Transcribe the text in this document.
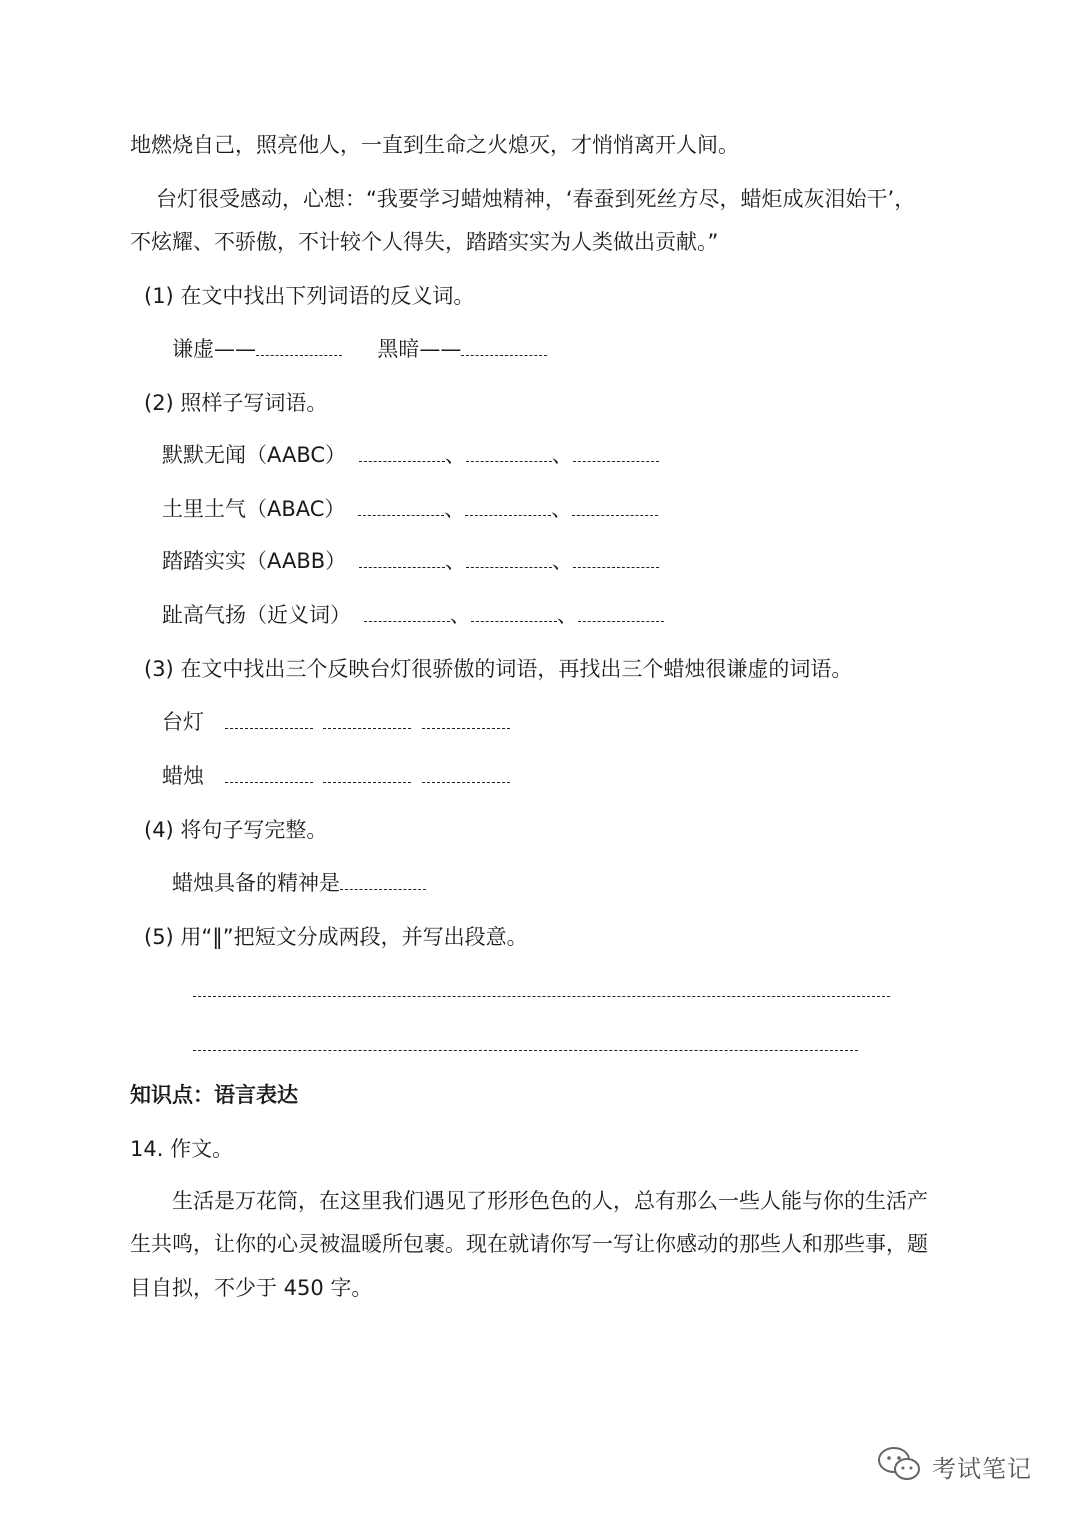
地燃烧自己，照亮他人，一直到生命之火熄灭，才悄悄离开人间。
台灯很受感动，心想：“我要学习蜡烛精神，‘春蚕到死丝方尽，蜡炬成灰泪始干’，
不炫耀、不骄傲，不计较个人得失，踏踏实实为人类做出贡献。”
(1) 在文中找出下列词语的反义词。
谦虚——	黑暗——
(2) 照样子写词语。
默默无闻（AABC）	、	、
土里土气（ABAC）	、	、
踏踏实实（AABB）	、	、
趾高气扬（近义词）	、	、
(3) 在文中找出三个反映台灯很骄傲的词语，再找出三个蜡烛很谦虚的词语。
台灯
蜡烛
(4) 将句子写完整。
蜡烛具备的精神是
(5) 用“‖”把短文分成两段，并写出段意。
知识点：语言表达
14. 作文。
生活是万花筒，在这里我们遇见了形形色色的人，总有那么一些人能与你的生活产
生共鸣，让你的心灵被温暖所包裹。现在就请你写一写让你感动的那些人和那些事，题
目自拟，不少于 450 字。
考试笔记
